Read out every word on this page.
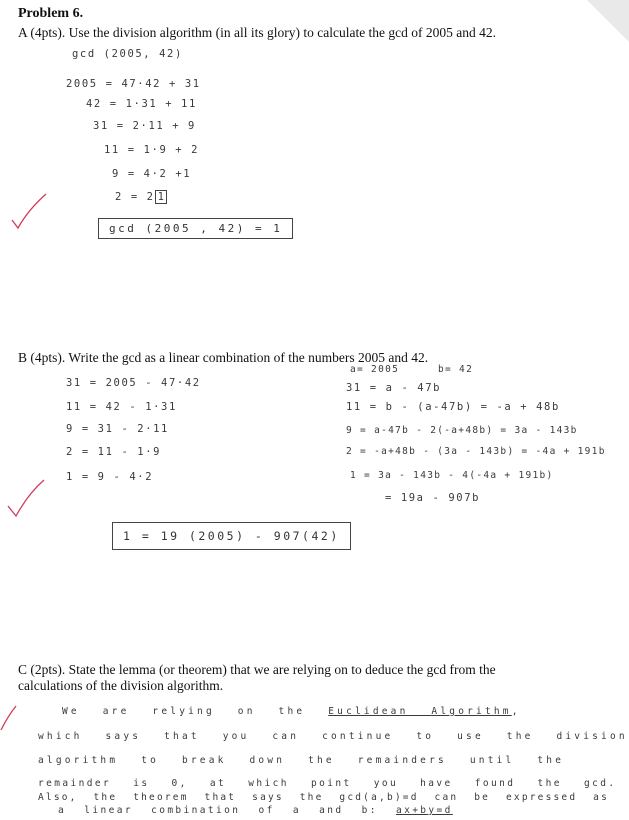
Problem 6.
A (4pts). Use the division algorithm (in all its glory) to calculate the gcd of 2005 and 42.
gcd (2005, 42)
2005 = 47·42 + 31
42 = 1·31 + 11
31 = 2·11 + 9
11 = 1·9 + 2
9 = 4·2 +1
2 = 2 1
gcd (2005 , 42) = 1
B (4pts). Write the gcd as a linear combination of the numbers 2005 and 42.
31 = 2005 - 47·42
11 = 42 - 1·31
9 = 31 - 2·11
2 = 11 - 1·9
1 = 9 - 4·2
a= 2005	b= 42
31 = a - 47b
11 = b - (a-47b) = -a + 48b
9 = a-47b - 2(-a+48b) = 3a - 143b
2 = -a+48b - (3a - 143b) = -4a + 191b
1 = 3a - 143b - 4(-4a + 191b)
= 19a - 907b
1 = 19 (2005) - 907(42)
C (2pts). State the lemma (or theorem) that we are relying on to deduce the gcd from the calculations of the division algorithm.
We are relying on the Euclidean Algorithm,
which says that you can continue to use the division
algorithm to break down the remainders until the
remainder is 0, at which point you have found the gcd.
Also, the theorem that says the gcd(a,b)=d can be expressed as
a linear combination of a and b: ax+by=d
